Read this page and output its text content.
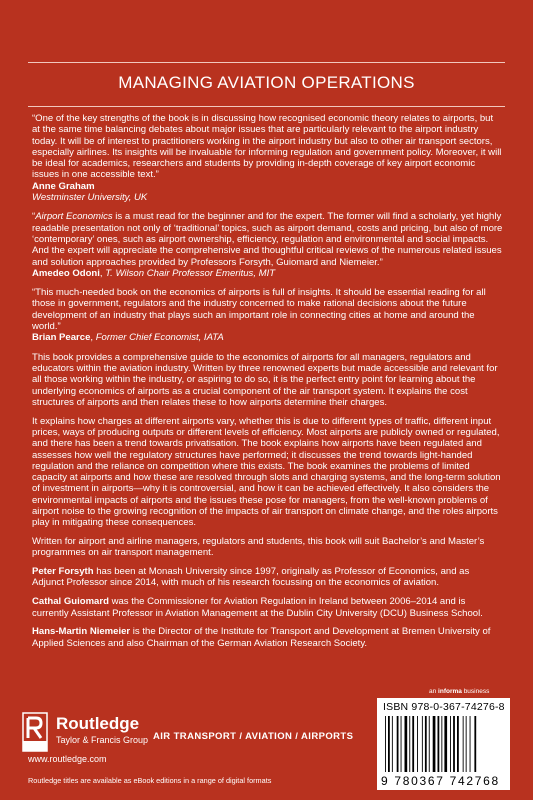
MANAGING AVIATION OPERATIONS
“One of the key strengths of the book is in discussing how recognised economic theory relates to airports, but at the same time balancing debates about major issues that are particularly relevant to the airport industry today. It will be of interest to practitioners working in the airport industry but also to other air transport sectors, especially airlines. Its insights will be invaluable for informing regulation and government policy. Moreover, it will be ideal for academics, researchers and students by providing in-depth coverage of key airport economic issues in one accessible text.”
Anne Graham
Westminster University, UK
“Airport Economics is a must read for the beginner and for the expert. The former will find a scholarly, yet highly readable presentation not only of ‘traditional’ topics, such as airport demand, costs and pricing, but also of more ‘contemporary’ ones, such as airport ownership, efficiency, regulation and environmental and social impacts. And the expert will appreciate the comprehensive and thoughtful critical reviews of the numerous related issues and solution approaches provided by Professors Forsyth, Guiomard and Niemeier.”
Amedeo Odoni, T. Wilson Chair Professor Emeritus, MIT
“This much-needed book on the economics of airports is full of insights. It should be essential reading for all those in government, regulators and the industry concerned to make rational decisions about the future development of an industry that plays such an important role in connecting cities at home and around the world.”
Brian Pearce, Former Chief Economist, IATA

This book provides a comprehensive guide to the economics of airports for all managers, regulators and educators within the aviation industry. Written by three renowned experts but made accessible and relevant for all those working within the industry, or aspiring to do so, it is the perfect entry point for learning about the underlying economics of airports as a crucial component of the air transport system. It explains the cost structures of airports and then relates these to how airports determine their charges.

It explains how charges at different airports vary, whether this is due to different types of traffic, different input prices, ways of producing outputs or different levels of efficiency. Most airports are publicly owned or regulated, and there has been a trend towards privatisation. The book explains how airports have been regulated and assesses how well the regulatory structures have performed; it discusses the trend towards light-handed regulation and the reliance on competition where this exists. The book examines the problems of limited capacity at airports and how these are resolved through slots and charging systems, and the long-term solution of investment in airports—why it is controversial, and how it can be achieved effectively. It also considers the environmental impacts of airports and the issues these pose for managers, from the well-known problems of airport noise to the growing recognition of the impacts of air transport on climate change, and the roles airports play in mitigating these consequences.

Written for airport and airline managers, regulators and students, this book will suit Bachelor’s and Master’s programmes on air transport management.

Peter Forsyth has been at Monash University since 1997, originally as Professor of Economics, and as Adjunct Professor since 2014, with much of his research focussing on the economics of aviation.

Cathal Guiomard was the Commissioner for Aviation Regulation in Ireland between 2006–2014 and is currently Assistant Professor in Aviation Management at the Dublin City University (DCU) Business School.

Hans-Martin Niemeier is the Director of the Institute for Transport and Development at Bremen University of Applied Sciences and also Chairman of the German Aviation Research Society.

Routledge
Taylor & Francis Group
www.routledge.com
Routledge titles are available as eBook editions in a range of digital formats
AIR TRANSPORT / AVIATION / AIRPORTS
an informa business
ISBN 978-0-367-74276-8
9 780367 742768
